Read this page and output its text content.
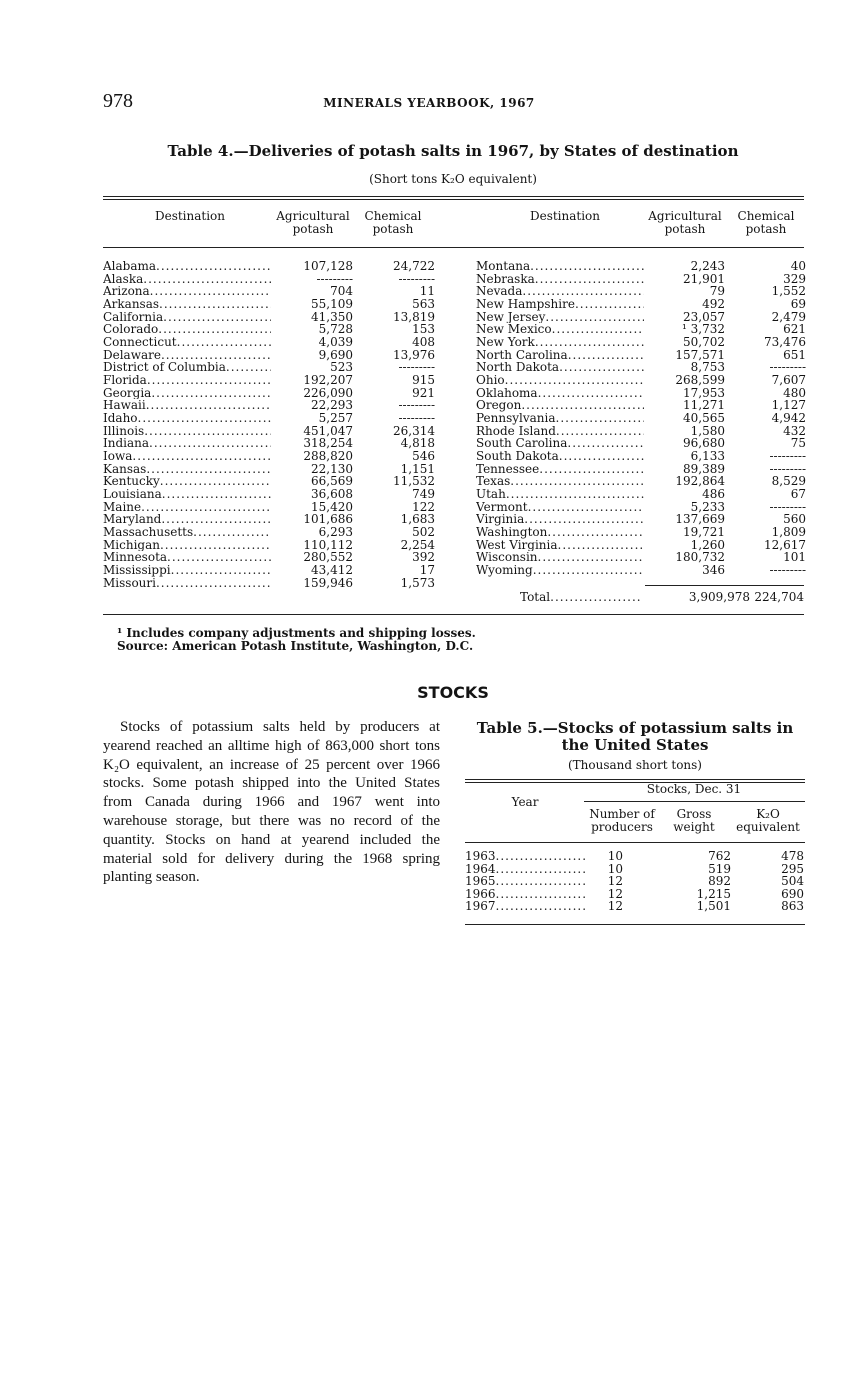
978	MINERALS YEARBOOK, 1967
Table 4.—Deliveries of potash salts in 1967, by States of destination
(Short tons K₂O equivalent)
Destination	Agricultural potash
Chemical potash
Destination	Agricultural potash
Chemical potash
Alabama .....	107,128	24,722
Alaska .....	---------	---------
Arizona .....	704	11
Arkansas .....	55,109	563
California .....	41,350	13,819
Colorado .....	5,728	153
Connecticut .....	4,039	408
Delaware .....	9,690	13,976
District of Columbia .....	523	---------
Florida .....	192,207	915
Georgia .....	226,090	921
Hawaii .....	22,293	---------
Idaho .....	5,257	---------
Illinois .....	451,047	26,314
Indiana .....	318,254	4,818
Iowa .....	288,820	546
Kansas .....	22,130	1,151
Kentucky .....	66,569	11,532
Louisiana .....	36,608	749
Maine .....	15,420	122
Maryland .....	101,686	1,683
Massachusetts .....	6,293	502
Michigan .....	110,112	2,254
Minnesota .....	280,552	392
Mississippi .....	43,412	17
Missouri .....	159,946	1,573
Montana .....	2,243	40
Nebraska .....	21,901	329
Nevada .....	79	1,552
New Hampshire .....	492	69
New Jersey .....	23,057	2,479
New Mexico .....	¹ 3,732	621
New York .....	50,702	73,476
North Carolina .....	157,571	651
North Dakota .....	8,753	---------
Ohio .....	268,599	7,607
Oklahoma .....	17,953	480
Oregon .....	11,271	1,127
Pennsylvania .....	40,565	4,942
Rhode Island .....	1,580	432
South Carolina .....	96,680	75
South Dakota .....	6,133	---------
Tennessee .....	89,389	---------
Texas .....	192,864	8,529
Utah .....	486	67
Vermont .....	5,233	---------
Virginia .....	137,669	560
Washington .....	19,721	1,809
West Virginia .....	1,260	12,617
Wisconsin .....	180,732	101
Wyoming .....	346	---------
Total .....	3,909,978 224,704
¹ Includes company adjustments and shipping losses.
Source: American Potash Institute, Washington, D.C.
STOCKS
Stocks of potassium salts held by producers at yearend reached an alltime high of 863,000 short tons K₂O equivalent, an increase of 25 percent over 1966 stocks. Some potash shipped into the United States from Canada during 1966 and 1967 went into warehouse storage, but there was no record of the quantity. Stocks on hand at yearend included the material sold for delivery during the 1968 spring planting season.
Table 5.—Stocks of potassium salts in the United States
(Thousand short tons)
Year
Stocks, Dec. 31
Number of producers
Gross weight
K₂O equivalent
1963 .....	10	762	478
1964 .....	10	519	295
1965 .....	12	892	504
1966 .....	12	1,215	690
1967 .....	12	1,501	863
